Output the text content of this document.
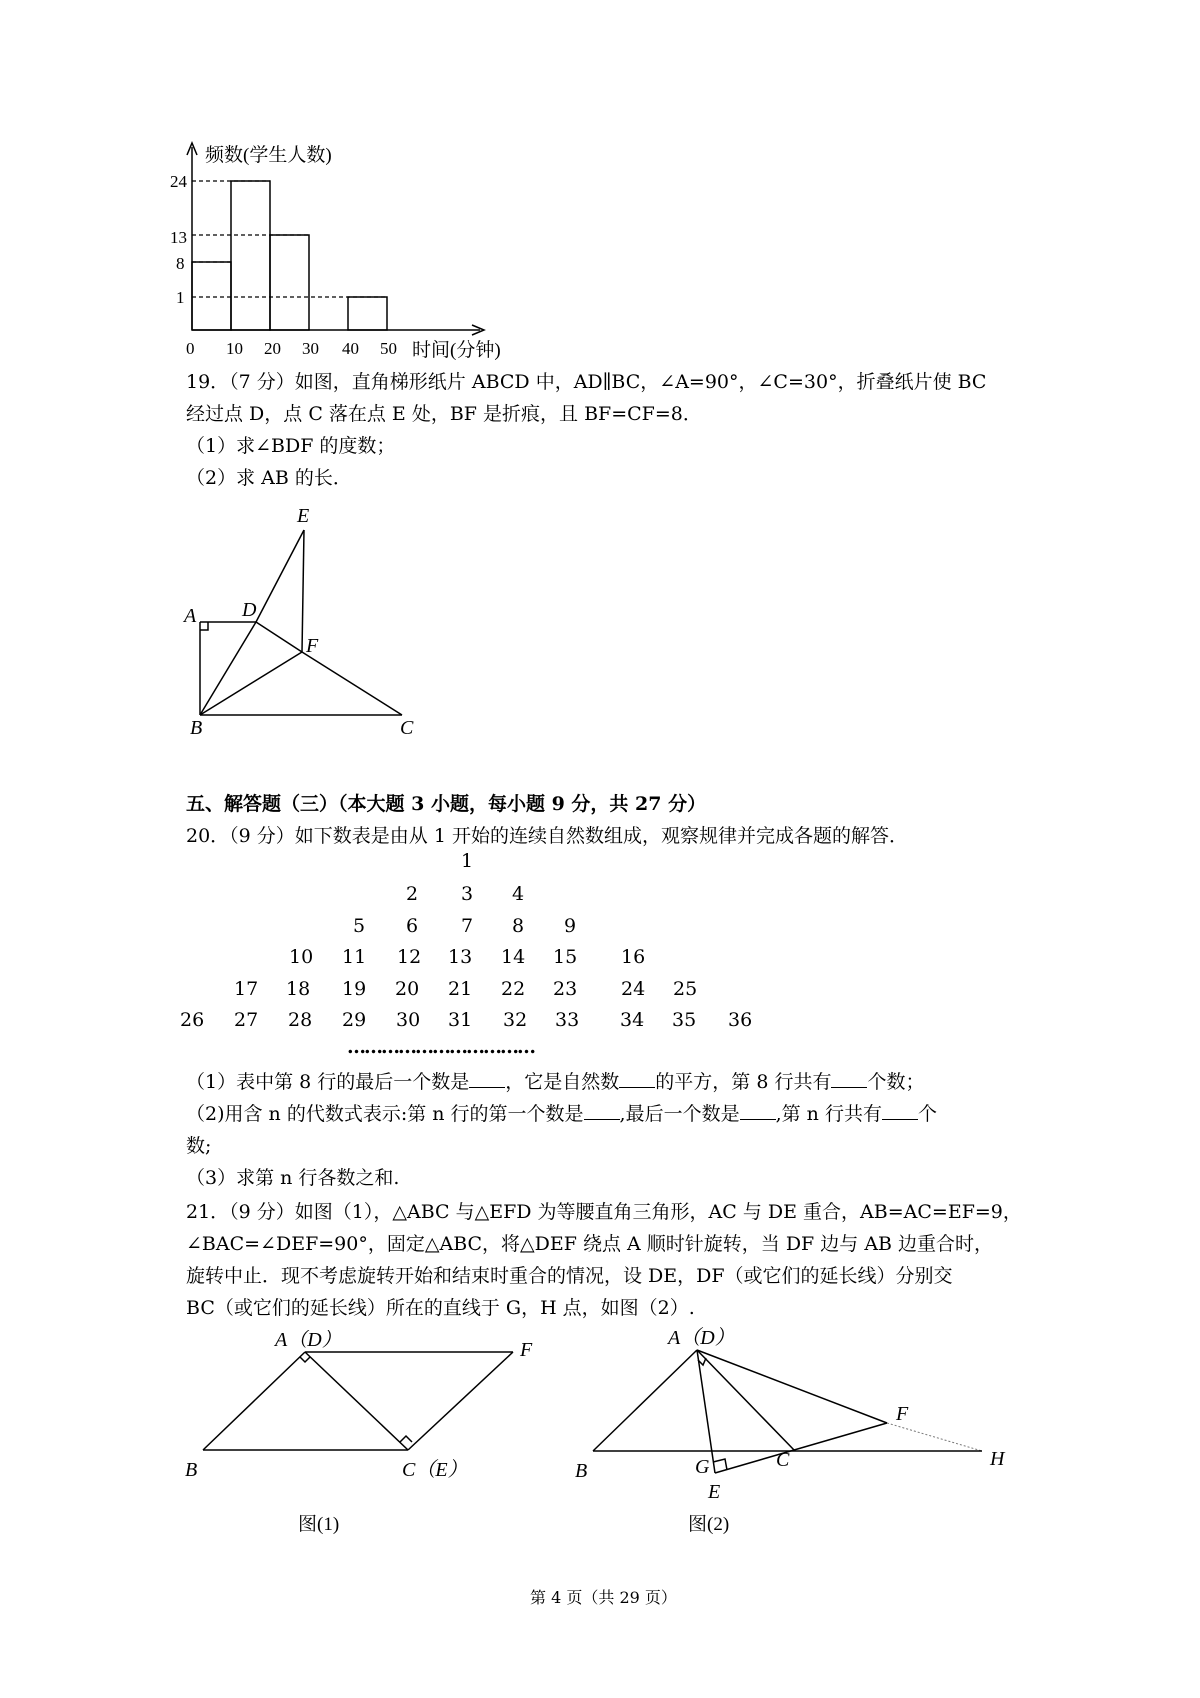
频数(学生人数)
24
13
8
1
0 10 20 30 40 50 时间(分钟)
19．（7 分）如图，直角梯形纸片 ABCD 中，AD∥BC，∠A=90°，∠C=30°，折叠纸片使 BC
经过点 D，点 C 落在点 E 处，BF 是折痕，且 BF=CF=8．
（1）求∠BDF 的度数；
（2）求 AB 的长．
E
A D
F
B	C
五、解答题（三）（本大题 3 小题，每小题 9 分，共 27 分）
20．（9 分）如下数表是由从 1 开始的连续自然数组成，观察规律并完成各题的解答．
1
2 3 4
5 6 7 8 9
10 11 12 13 14 15 16
17 18 19 20 21 22 23 24 25
26 27 28 29 30 31 32 33 34 35 36
……………………………
（1）表中第 8 行的最后一个数是 ，它是自然数 的平方，第 8 行共有 个数；
（2)用含 n 的代数式表示:第 n 行的第一个数是 ,最后一个数是 ,第 n 行共有 个
数;
（3）求第 n 行各数之和.
21．（9 分）如图（1），△ABC 与△EFD 为等腰直角三角形，AC 与 DE 重合，AB=AC=EF=9，
∠BAC=∠DEF=90°，固定△ABC，将△DEF 绕点 A 顺时针旋转，当 DF 边与 AB 边重合时，
旋转中止．现不考虑旋转开始和结束时重合的情况，设 DE，DF（或它们的延长线）分别交
BC（或它们的延长线）所在的直线于 G，H 点，如图（2）.
A（D）	F
B	C（E）
图(1)
A（D）
F
B	G	C	H
E
图(2)
第 4 页（共 29 页）
